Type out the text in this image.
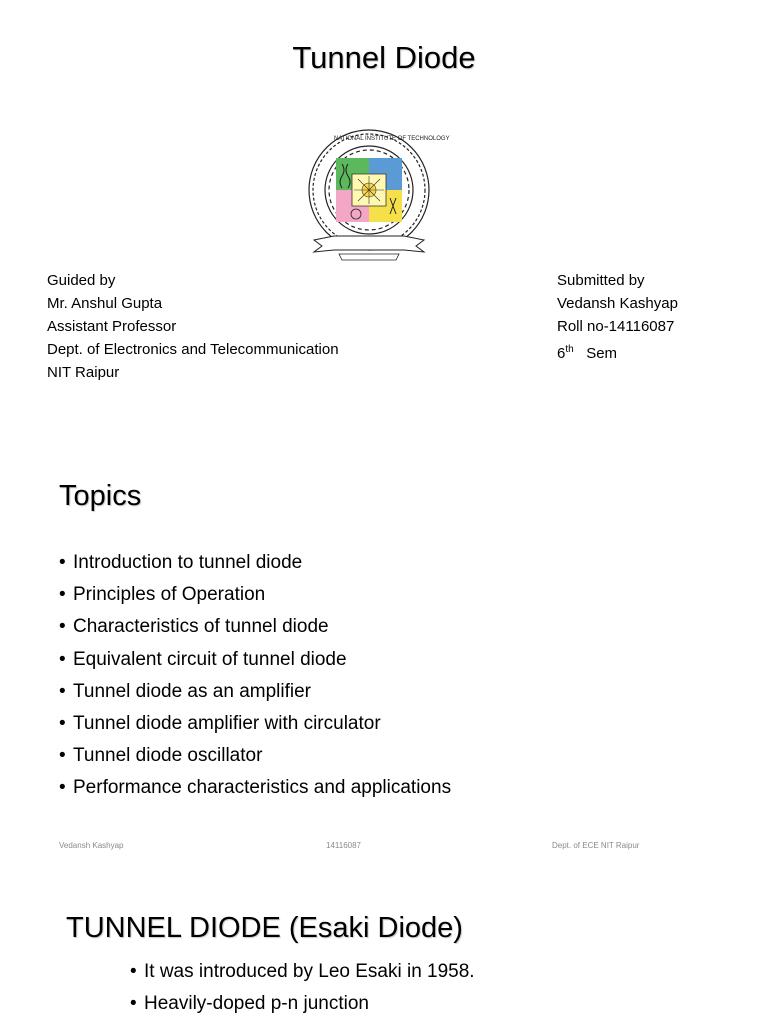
Tunnel Diode
NATIONAL INSTITUTE OF TECHNOLOGY
Guided by
Mr. Anshul Gupta
Assistant Professor
Dept. of Electronics and Telecommunication
NIT Raipur
Submitted by
Vedansh Kashyap
Roll no-14116087
6th Sem
Topics
• Introduction to tunnel diode
• Principles of Operation
• Characteristics of tunnel diode
• Equivalent circuit of tunnel diode
• Tunnel diode as an amplifier
• Tunnel diode amplifier with circulator
• Tunnel diode oscillator
• Performance characteristics and applications
Vedansh Kashyap	14116087	Dept. of ECE NIT Raipur
TUNNEL DIODE (Esaki Diode)
• It was introduced by Leo Esaki in 1958.
• Heavily-doped p-n junction
